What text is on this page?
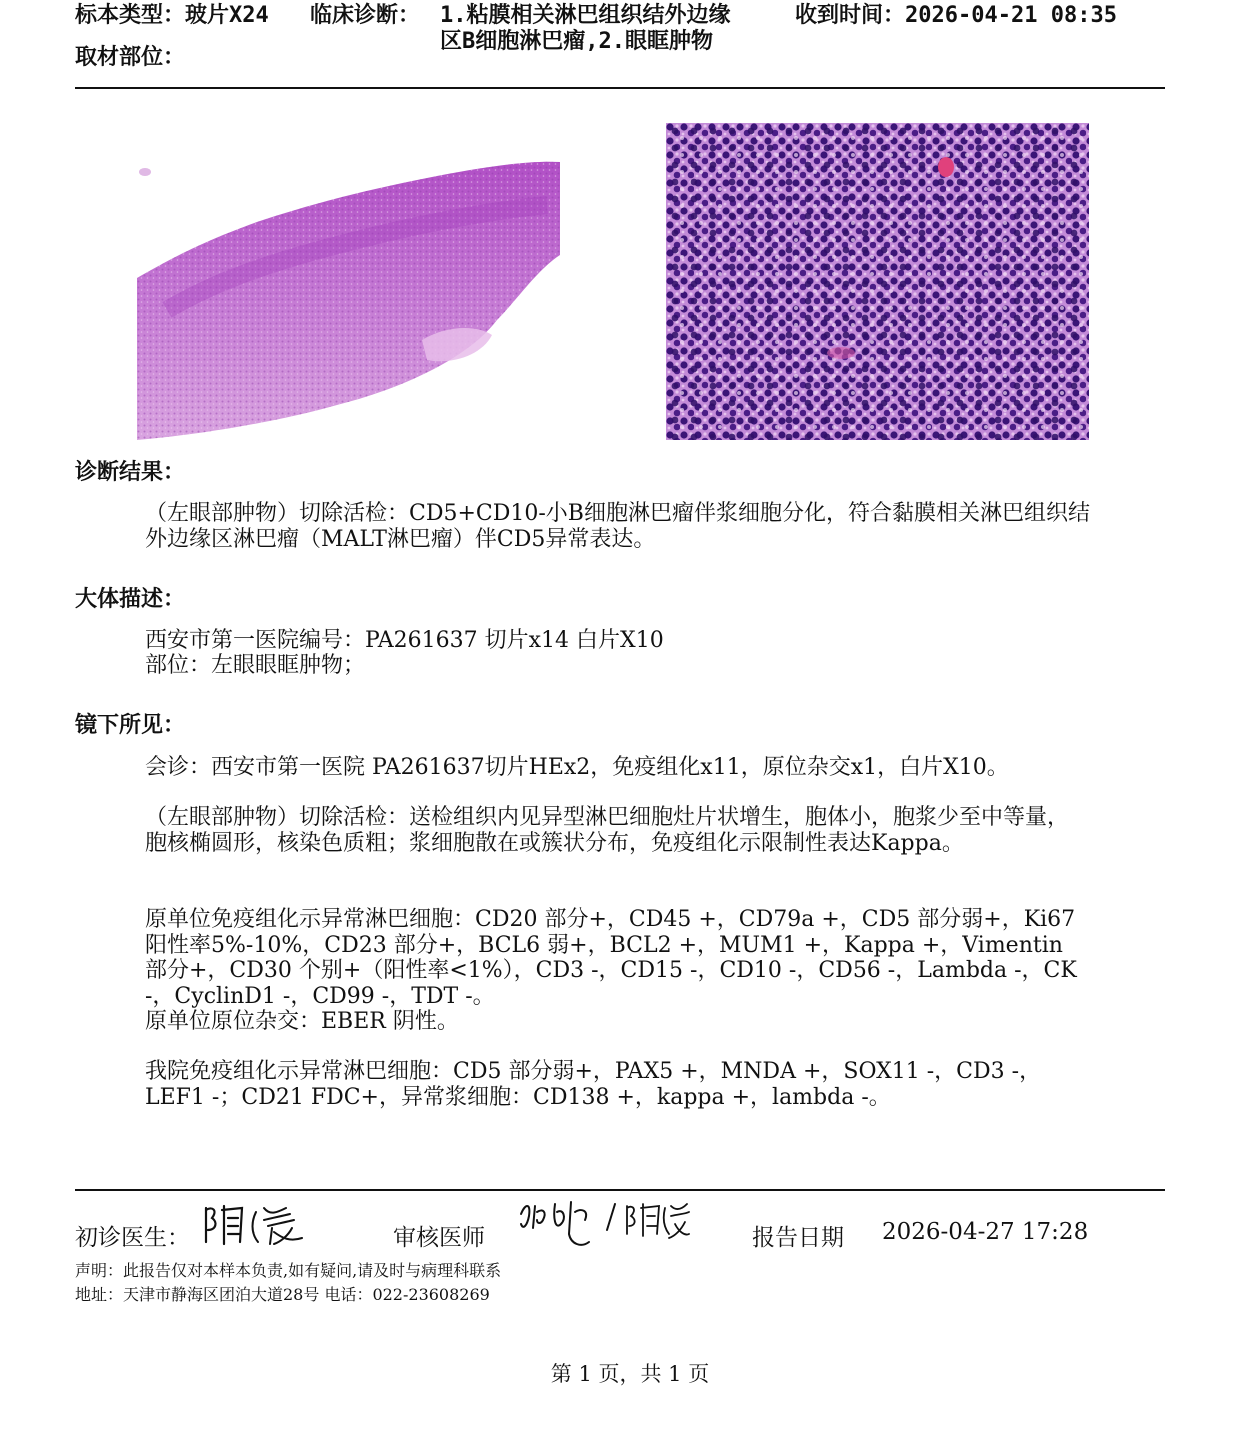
标本类型：玻片X24 临床诊断： 1.粘膜相关淋巴组织结外边缘
区B细胞淋巴瘤,2.眼眶肿物
收到时间：2026-04-21 08:35
取材部位：
诊断结果：
（左眼部肿物）切除活检：CD5+CD10-小B细胞淋巴瘤伴浆细胞分化，符合黏膜相关淋巴组织结外边缘区淋巴瘤（MALT淋巴瘤）伴CD5异常表达。
大体描述：
西安市第一医院编号：PA261637 切片x14 白片X10
部位：左眼眼眶肿物；
镜下所见：
会诊：西安市第一医院 PA261637切片HEx2，免疫组化x11，原位杂交x1，白片X10。
（左眼部肿物）切除活检：送检组织内见异型淋巴细胞灶片状增生，胞体小，胞浆少至中等量，胞核椭圆形，核染色质粗；浆细胞散在或簇状分布，免疫组化示限制性表达Kappa。
原单位免疫组化示异常淋巴细胞：CD20 部分+，CD45 +，CD79a +，CD5 部分弱+，Ki67 阳性率5%-10%，CD23 部分+，BCL6 弱+，BCL2 +，MUM1 +，Kappa +，Vimentin 部分+，CD30 个别+（阳性率<1%），CD3 -，CD15 -，CD10 -，CD56 -，Lambda -，CK -，CyclinD1 -，CD99 -，TDT -。
原单位原位杂交：EBER 阴性。
我院免疫组化示异常淋巴细胞：CD5 部分弱+，PAX5 +，MNDA +，SOX11 -，CD3 -，LEF1 -；CD21 FDC+，异常浆细胞：CD138 +，kappa +，lambda -。
初诊医生：	审核医师	报告日期 2026-04-27 17:28
声明：此报告仅对本样本负责,如有疑问,请及时与病理科联系
地址：天津市静海区团泊大道28号 电话：022-23608269
第 1 页，共 1 页
